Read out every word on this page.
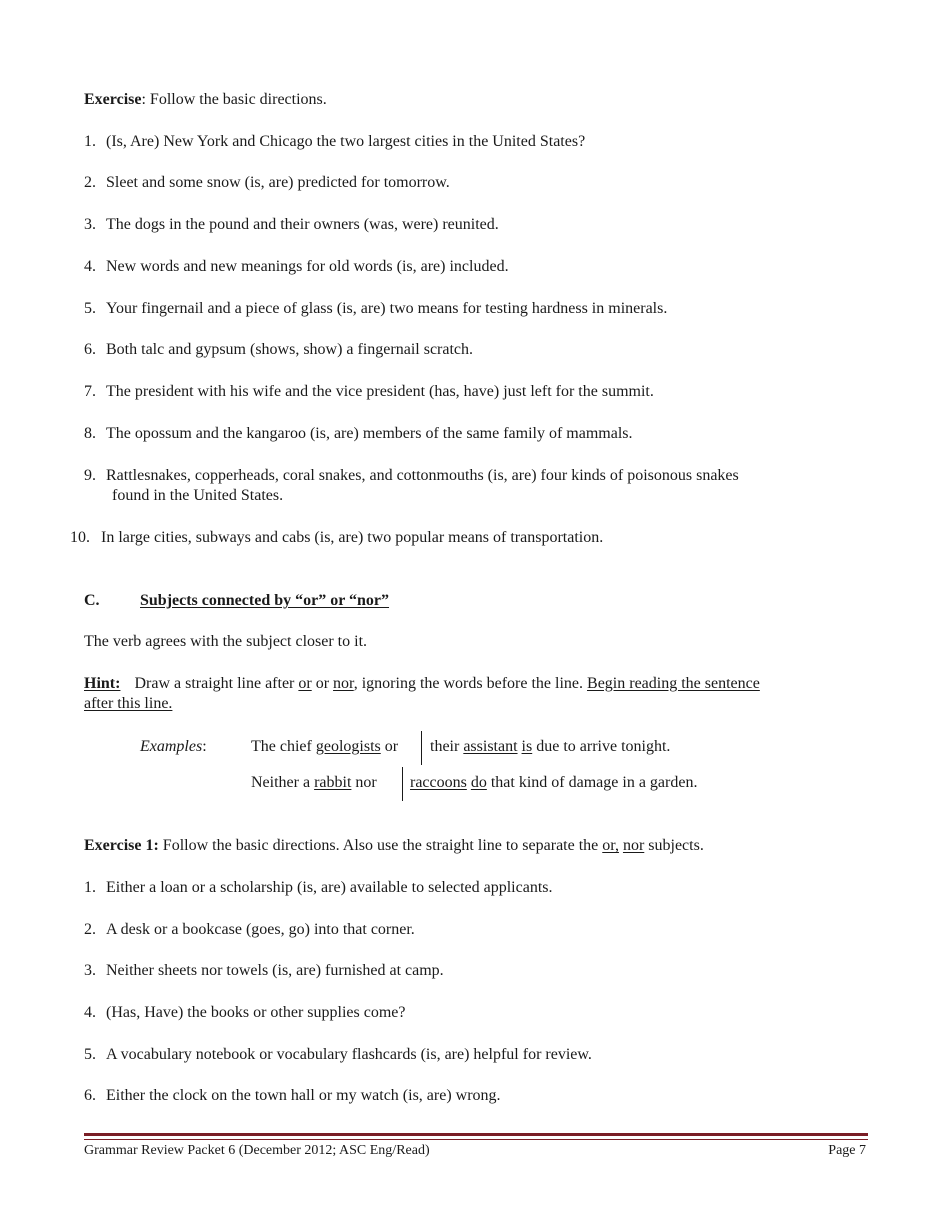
Exercise: Follow the basic directions.
1. (Is, Are) New York and Chicago the two largest cities in the United States?
2. Sleet and some snow (is, are) predicted for tomorrow.
3. The dogs in the pound and their owners (was, were) reunited.
4. New words and new meanings for old words (is, are) included.
5. Your fingernail and a piece of glass (is, are) two means for testing hardness in minerals.
6. Both talc and gypsum (shows, show) a fingernail scratch.
7. The president with his wife and the vice president (has, have) just left for the summit.
8. The opossum and the kangaroo (is, are) members of the same family of mammals.
9. Rattlesnakes, copperheads, coral snakes, and cottonmouths (is, are) four kinds of poisonous snakes
found in the United States.
10. In large cities, subways and cabs (is, are) two popular means of transportation.
C.	Subjects connected by “or” or “nor”
The verb agrees with the subject closer to it.
Hint: Draw a straight line after or or nor, ignoring the words before the line. Begin reading the sentence
after this line.
Examples:	The chief geologists or their assistant is due to arrive tonight.
Neither a rabbit nor raccoons do that kind of damage in a garden.
Exercise 1: Follow the basic directions. Also use the straight line to separate the or, nor subjects.
1. Either a loan or a scholarship (is, are) available to selected applicants.
2. A desk or a bookcase (goes, go) into that corner.
3. Neither sheets nor towels (is, are) furnished at camp.
4. (Has, Have) the books or other supplies come?
5. A vocabulary notebook or vocabulary flashcards (is, are) helpful for review.
6. Either the clock on the town hall or my watch (is, are) wrong.
Grammar Review Packet 6 (December 2012; ASC Eng/Read)	Page 7
